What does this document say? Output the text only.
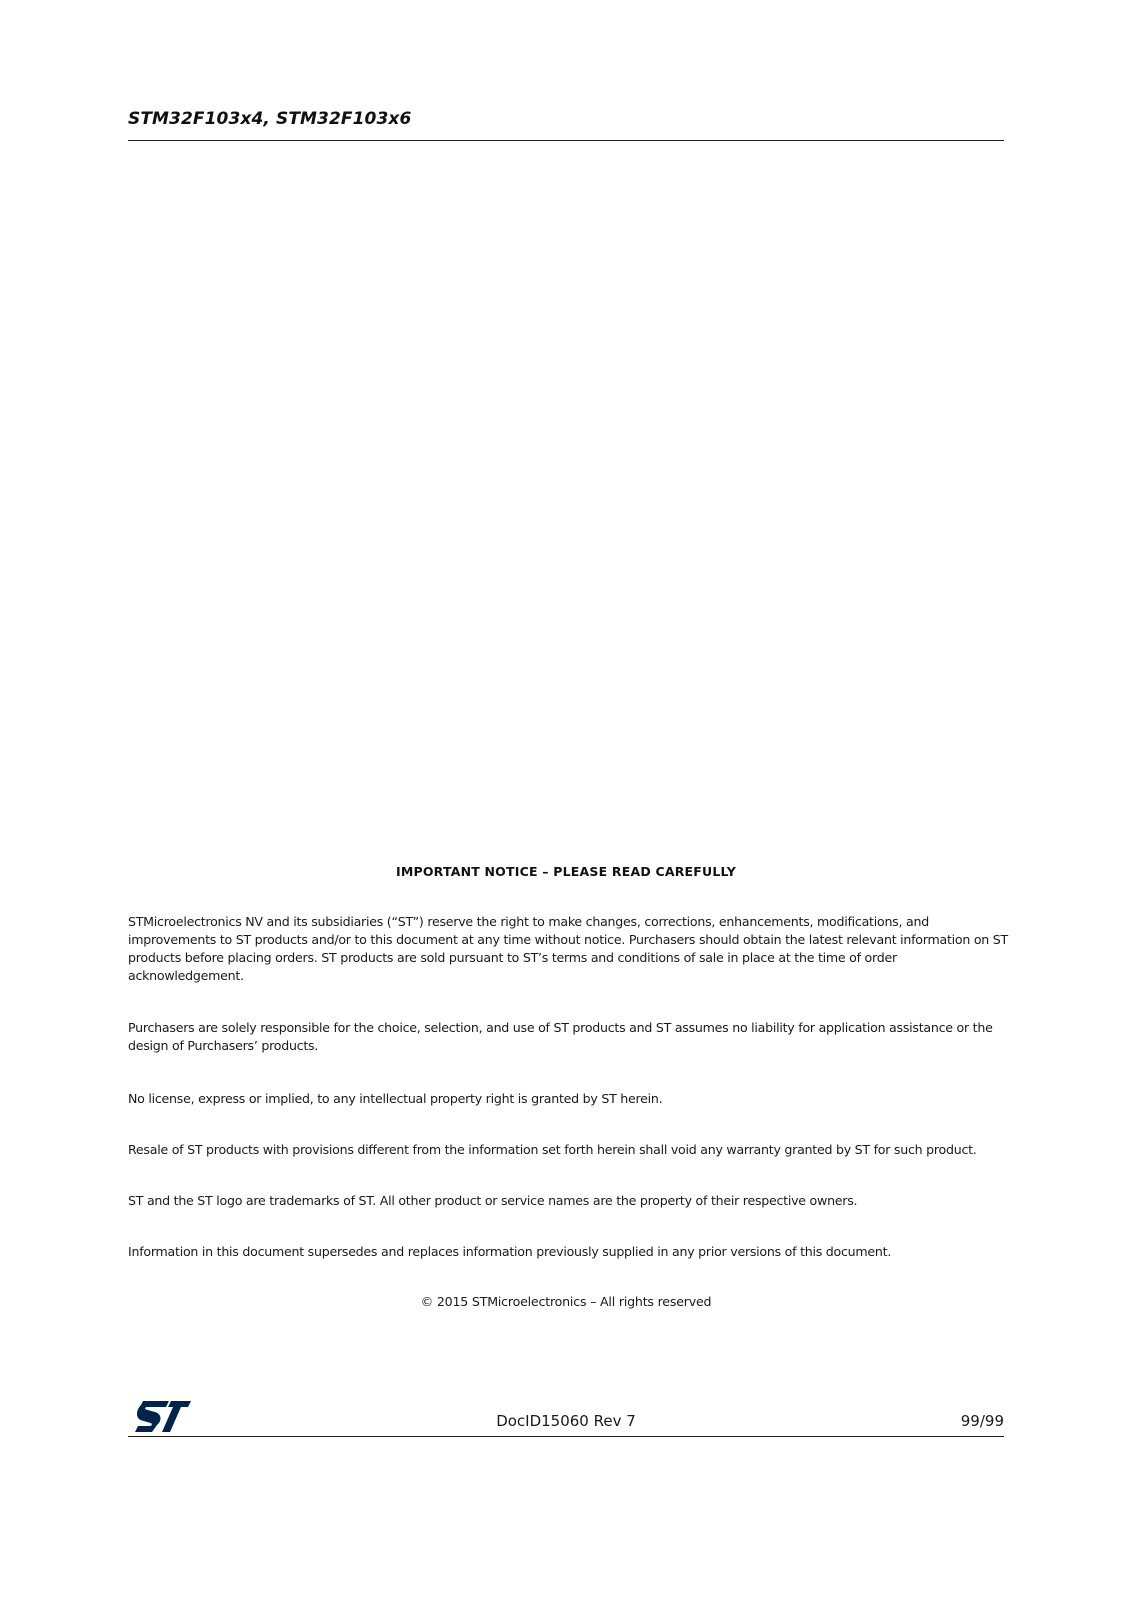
STM32F103x4, STM32F103x6
IMPORTANT NOTICE – PLEASE READ CAREFULLY
STMicroelectronics NV and its subsidiaries (“ST”) reserve the right to make changes, corrections, enhancements, modifications, and improvements to ST products and/or to this document at any time without notice. Purchasers should obtain the latest relevant information on ST products before placing orders. ST products are sold pursuant to ST’s terms and conditions of sale in place at the time of order acknowledgement.
Purchasers are solely responsible for the choice, selection, and use of ST products and ST assumes no liability for application assistance or the design of Purchasers’ products.
No license, express or implied, to any intellectual property right is granted by ST herein.
Resale of ST products with provisions different from the information set forth herein shall void any warranty granted by ST for such product.
ST and the ST logo are trademarks of ST. All other product or service names are the property of their respective owners.
Information in this document supersedes and replaces information previously supplied in any prior versions of this document.
© 2015 STMicroelectronics – All rights reserved
DocID15060 Rev 7	99/99
